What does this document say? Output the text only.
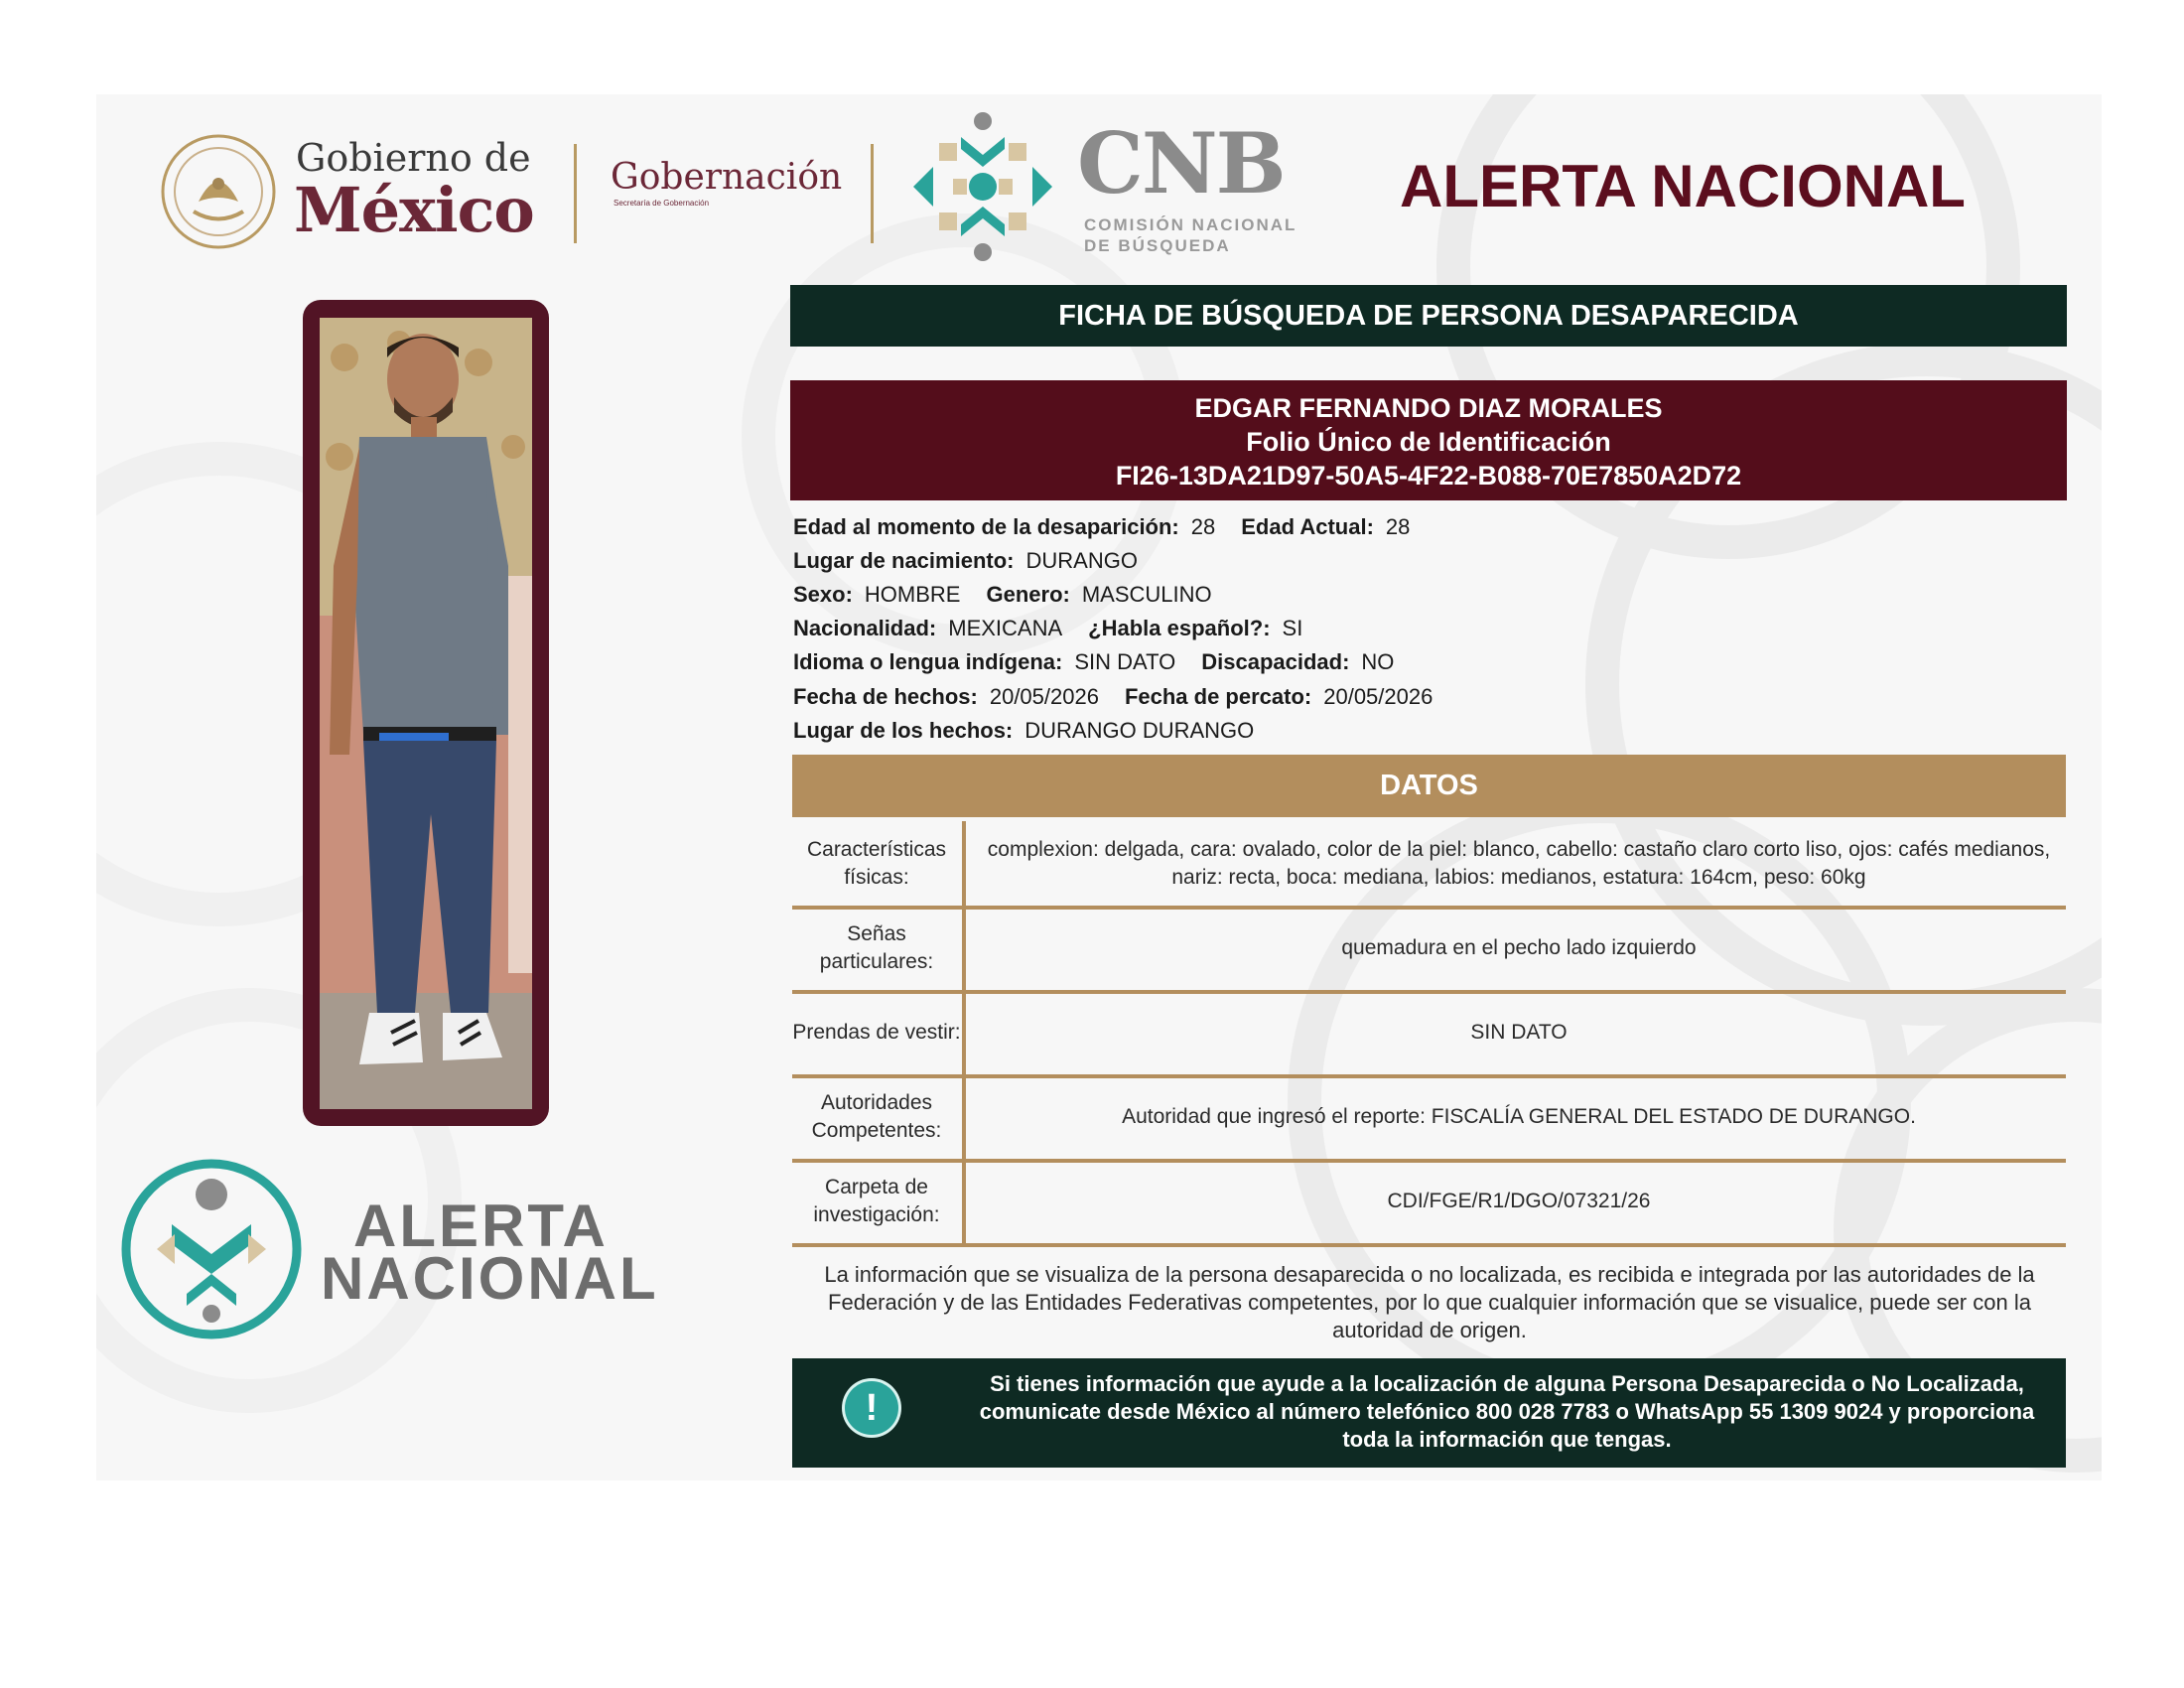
Gobierno de
México Gobernación
Secretaría de Gobernación	CNB
COMISIÓN NACIONAL
DE BÚSQUEDA
ALERTA NACIONAL
ALERTA
NACIONAL
FICHA DE BÚSQUEDA DE PERSONA DESAPARECIDA
EDGAR FERNANDO DIAZ MORALES
Folio Único de Identificación
FI26-13DA21D97-50A5-4F22-B088-70E7850A2D72
Edad al momento de la desaparición: 28 Edad Actual: 28
Lugar de nacimiento: DURANGO
Sexo: HOMBRE Genero: MASCULINO
Nacionalidad: MEXICANA ¿Habla español?: SI
Idioma o lengua indígena: SIN DATO Discapacidad: NO
Fecha de hechos: 20/05/2026 Fecha de percato: 20/05/2026
Lugar de los hechos: DURANGO DURANGO
DATOS
Características físicas:
complexion: delgada, cara: ovalado, color de la piel: blanco, cabello: castaño claro corto liso, ojos: cafés medianos, nariz: recta, boca: mediana, labios: medianos, estatura: 164cm, peso: 60kg
Señas particulares:
quemadura en el pecho lado izquierdo
Prendas de vestir:	SIN DATO
Autoridades Competentes:
Autoridad que ingresó el reporte: FISCALÍA GENERAL DEL ESTADO DE DURANGO.
Carpeta de investigación:
CDI/FGE/R1/DGO/07321/26
La información que se visualiza de la persona desaparecida o no localizada, es recibida e integrada por las autoridades de la Federación y de las Entidades Federativas competentes, por lo que cualquier información que se visualice, puede ser con la autoridad de origen.
!
Si tienes información que ayude a la localización de alguna Persona Desaparecida o No Localizada, comunicate desde México al número telefónico 800 028 7783 o WhatsApp 55 1309 9024 y proporciona toda la información que tengas.
